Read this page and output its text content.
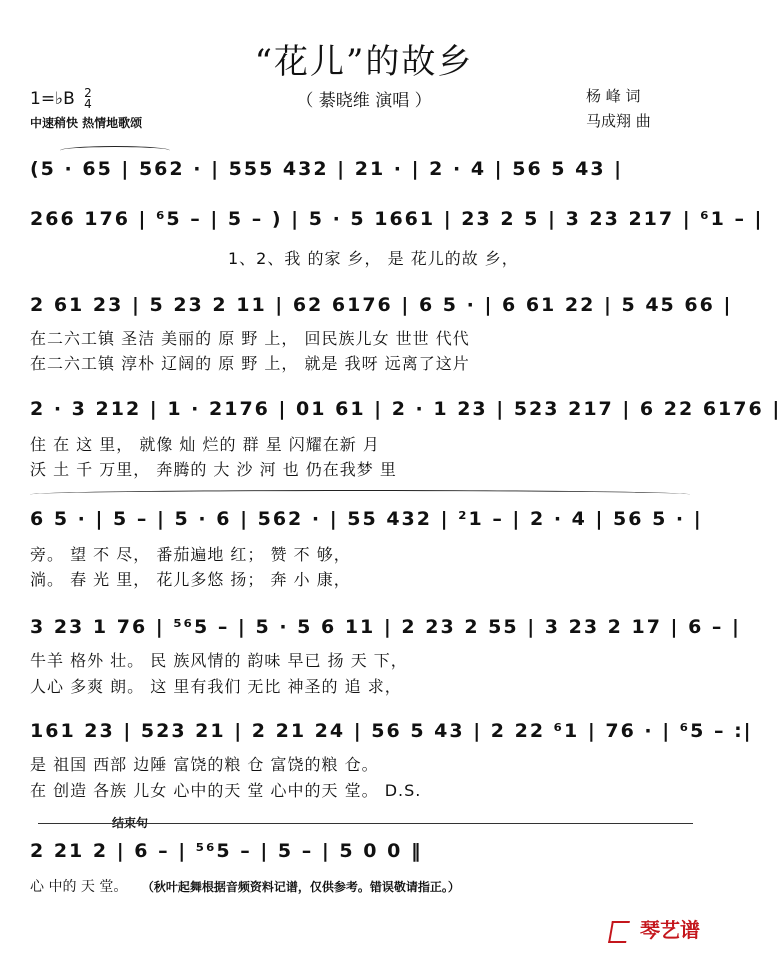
“花儿”的故乡
（ 綦晓维 演唱 ）
1=♭B 2
4
中速稍快 热情地歌颂
杨 峰 词
马成翔 曲
(5 · 65 | 562 · | 555 432 | 21 · | 2 · 4 | 56 5 43 |
266 176 | ⁶5 – | 5 – ) | 5 · 5 1661 | 23 2 5 | 3 23 217 | ⁶1 – |
1、2、我 的家 乡， 是 花儿的故 乡，
2 61 23 | 5 23 2 11 | 62 6176 | 6 5 · | 6 61 22 | 5 45 66 |
在二六工镇 圣洁 美丽的 原 野 上， 回民族儿女 世世 代代
在二六工镇 淳朴 辽阔的 原 野 上， 就是 我呀 远离了这片
2 · 3 212 | 1 · 2176 | 01 61 | 2 · 1 23 | 523 217 | 6 22 6176 |
住 在 这 里， 就像 灿 烂的 群 星 闪耀在新 月
沃 土 千 万里， 奔腾的 大 沙 河 也 仍在我梦 里
6 5 · | 5 – | 5 · 6 | 562 · | 55 432 | ²1 – | 2 · 4 | 56 5 · |
旁。 望 不 尽， 番茄遍地 红； 赞 不 够，
淌。 春 光 里， 花儿多悠 扬； 奔 小 康，
3 23 1 76 | ⁵⁶5 – | 5 · 5 6 11 | 2 23 2 55 | 3 23 2 17 | 6 – |
牛羊 格外 壮。 民 族风情的 韵味 早已 扬 天 下，
人心 多爽 朗。 这 里有我们 无比 神圣的 追 求，
161 23 | 523 21 | 2 21 24 | 56 5 43 | 2 22 ⁶1 | 76 · | ⁶5 – :|
是 祖国 西部 边陲 富饶的粮 仓 富饶的粮 仓。
在 创造 各族 儿女 心中的天 堂 心中的天 堂。 D.S.
结束句
2 21 2 | 6 – | ⁵⁶5 – | 5 – | 5 0 0 ‖
心 中的 天 堂。 （秋叶起舞根据音频资料记谱，仅供参考。错误敬请指正。）
琴艺谱
